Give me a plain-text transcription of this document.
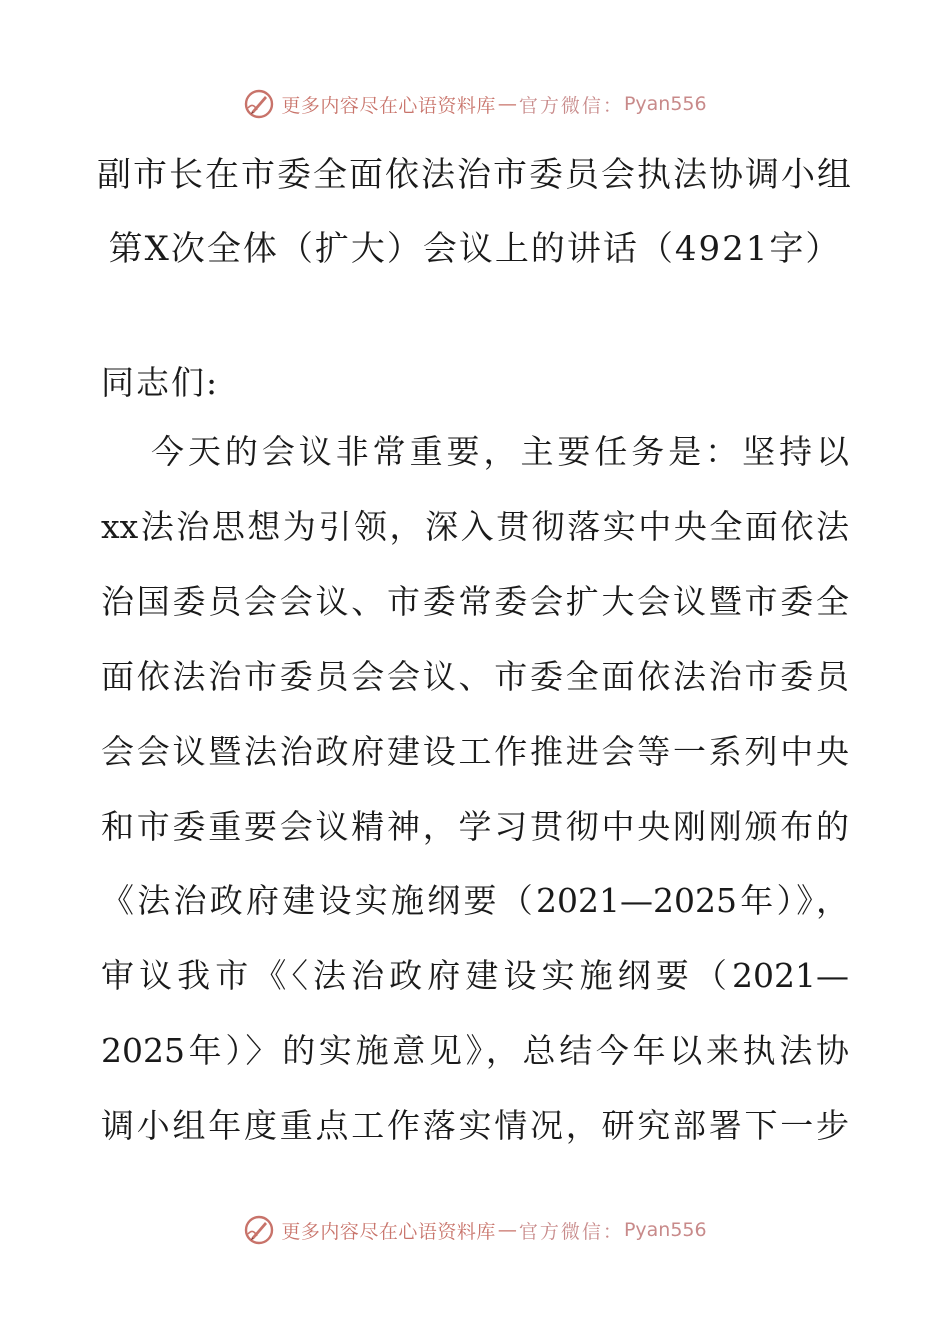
更多内容尽在心语资料库 — 官方微信： Pyan556
副市长在市委全面依法治市委员会执法协调小组
第X次全体（扩大）会议上的讲话（4921字）
同志们:
今天的会议非常重要，主要任务是：坚持以
xx法治思想为引领，深入贯彻落实中央全面依法
治国委员会会议、市委常委会扩大会议暨市委全
面依法治市委员会会议、市委全面依法治市委员
会会议暨法治政府建设工作推进会等一系列中央
和市委重要会议精神，学习贯彻中央刚刚颁布的
《法治政府建设实施纲要（2021—2025年）》，
审议我市《〈法治政府建设实施纲要（2021—
2025年）〉的实施意见》，总结今年以来执法协
调小组年度重点工作落实情况，研究部署下一步
更多内容尽在心语资料库 — 官方微信： Pyan556
